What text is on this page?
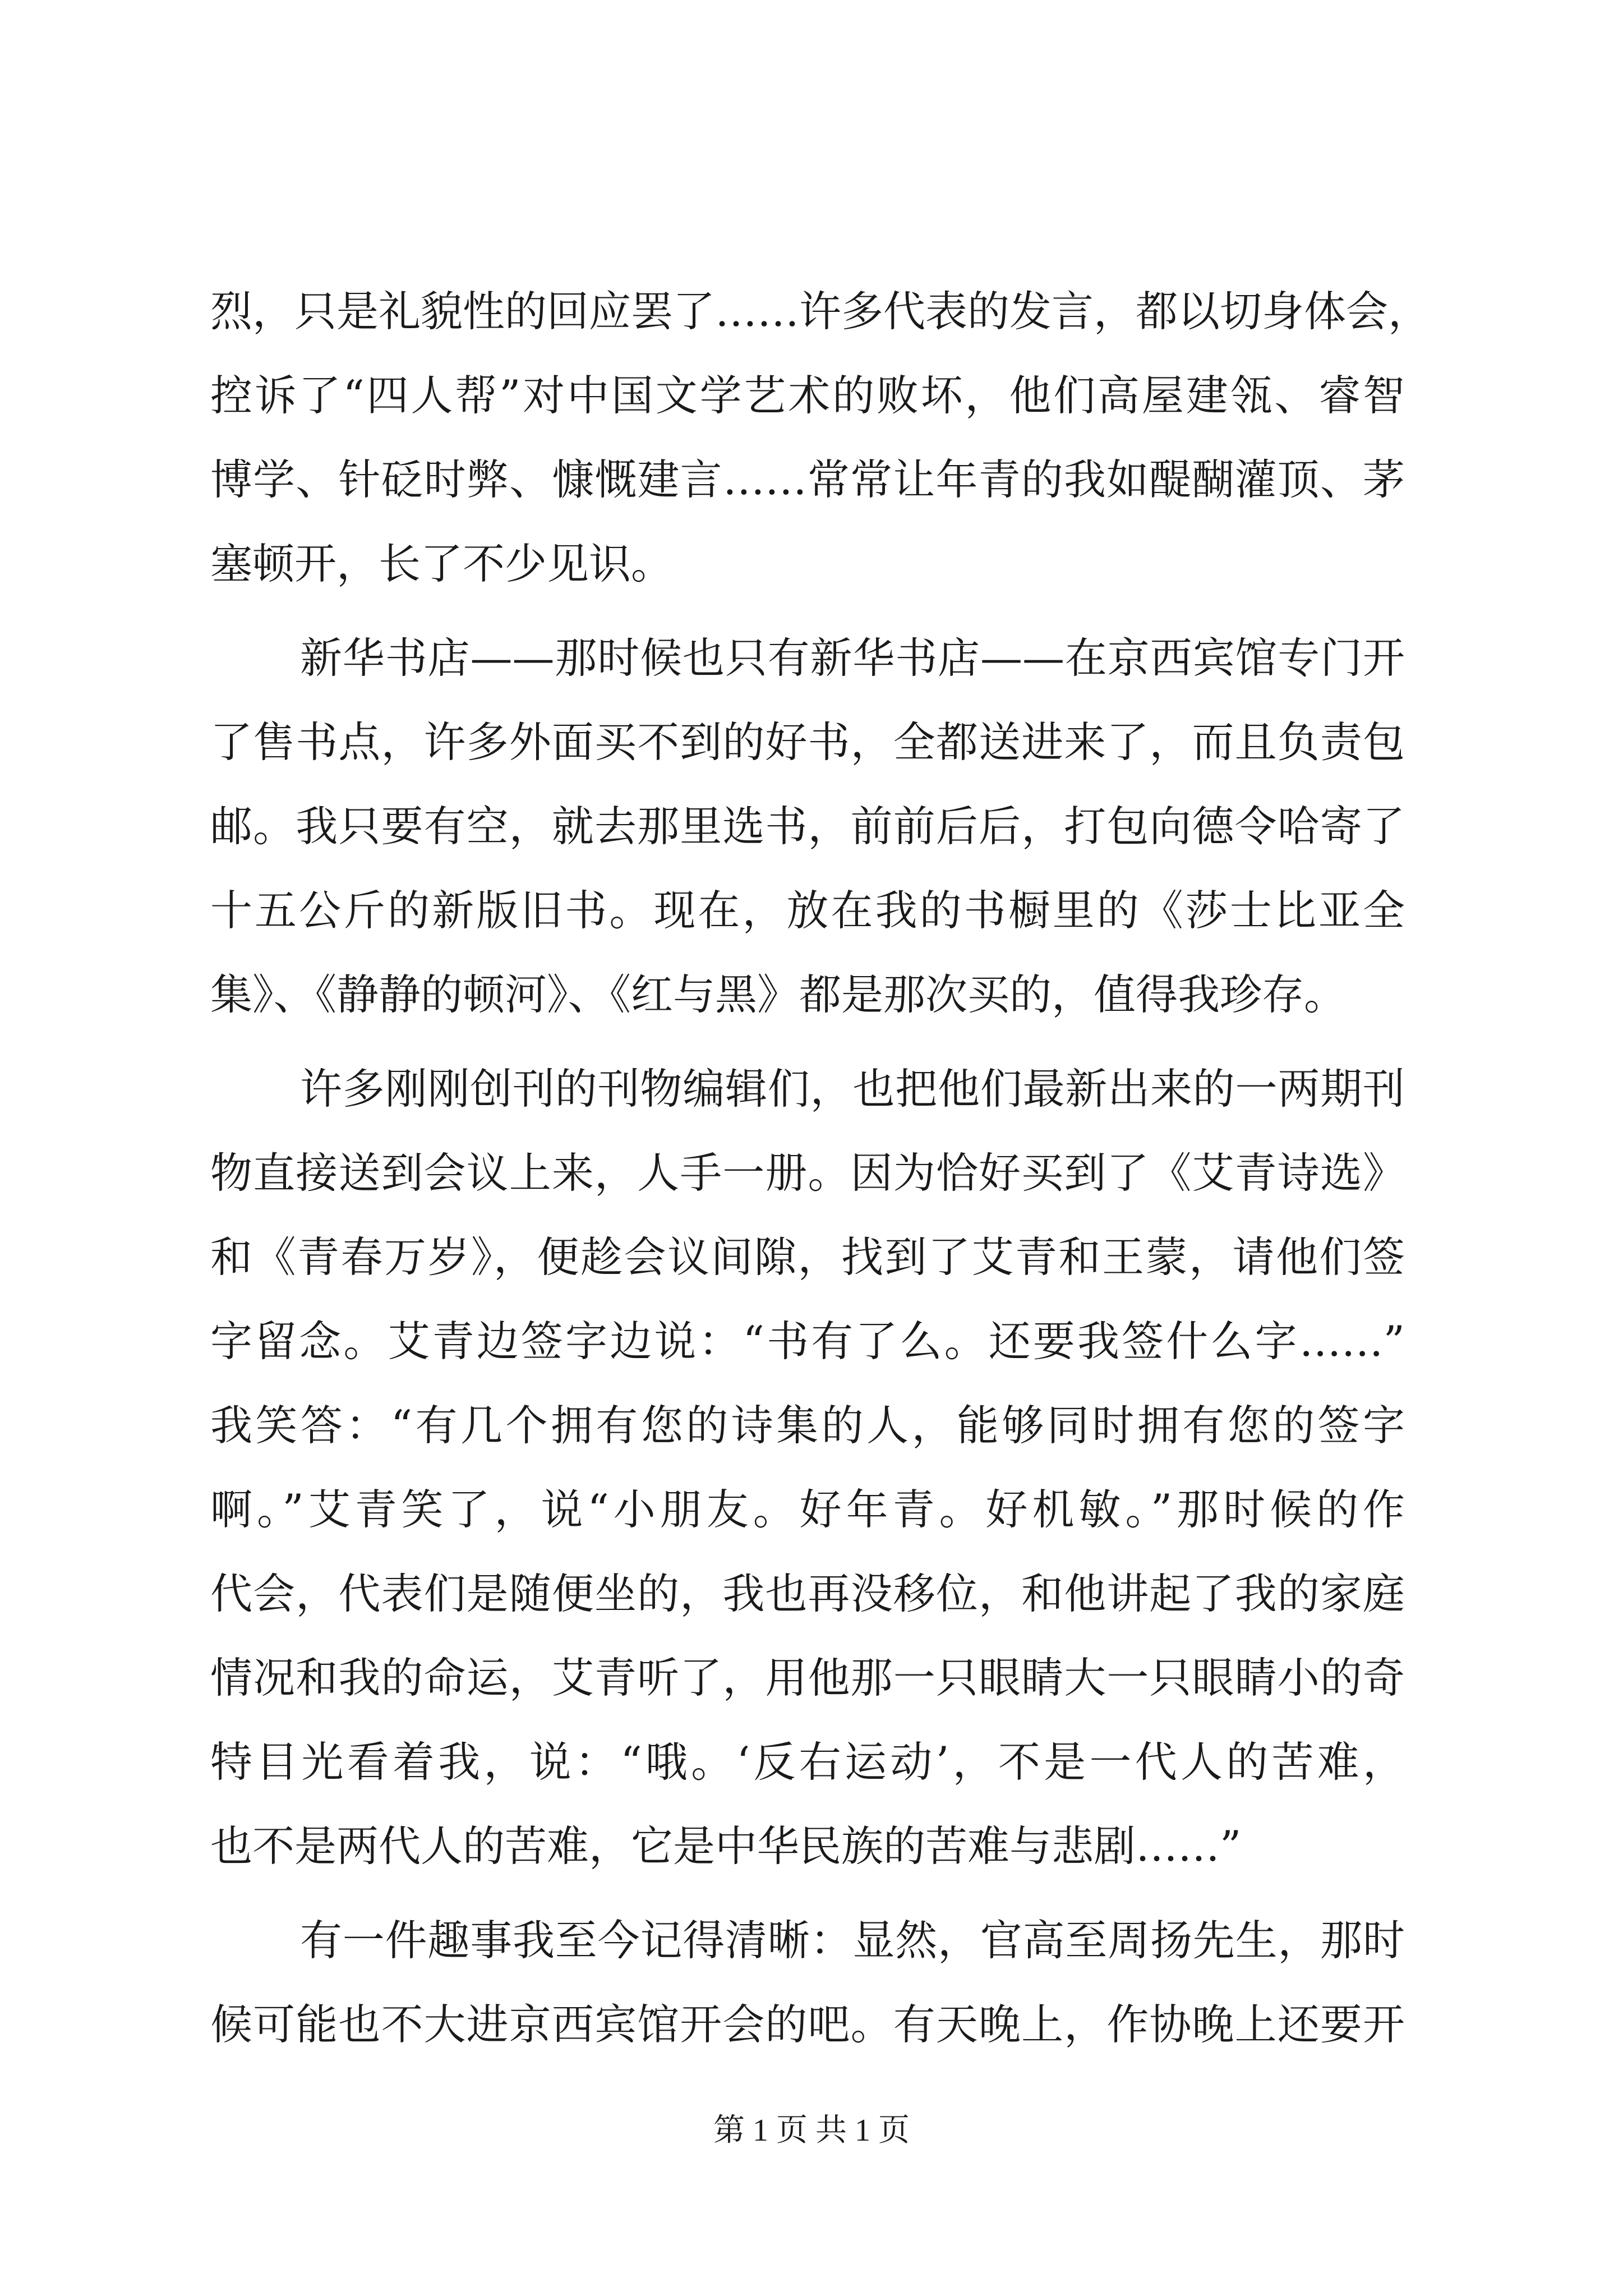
烈，只是礼貌性的回应罢了……许多代表的发言，都以切身体会，
控诉了“四人帮”对中国文学艺术的败坏，他们高屋建瓴、睿智
博学、针砭时弊、慷慨建言……常常让年青的我如醍醐灌顶、茅
塞顿开，长了不少见识。
新华书店——那时候也只有新华书店——在京西宾馆专门开
了售书点，许多外面买不到的好书，全都送进来了，而且负责包
邮。我只要有空，就去那里选书，前前后后，打包向德令哈寄了
十五公斤的新版旧书。现在，放在我的书橱里的《莎士比亚全
集》、《静静的顿河》、《红与黑》都是那次买的，值得我珍存。
许多刚刚创刊的刊物编辑们，也把他们最新出来的一两期刊
物直接送到会议上来，人手一册。因为恰好买到了《艾青诗选》
和《青春万岁》，便趁会议间隙，找到了艾青和王蒙，请他们签
字留念。艾青边签字边说：“书有了么。还要我签什么字……”
我笑答：“有几个拥有您的诗集的人，能够同时拥有您的签字
啊。”艾青笑了，说“小朋友。好年青。好机敏。”那时候的作
代会，代表们是随便坐的，我也再没移位，和他讲起了我的家庭
情况和我的命运，艾青听了，用他那一只眼睛大一只眼睛小的奇
特目光看着我，说：“哦。‘反右运动’，不是一代人的苦难，
也不是两代人的苦难，它是中华民族的苦难与悲剧……”
有一件趣事我至今记得清晰：显然，官高至周扬先生，那时
候可能也不大进京西宾馆开会的吧。有天晚上，作协晚上还要开
第 1 页 共 1 页
